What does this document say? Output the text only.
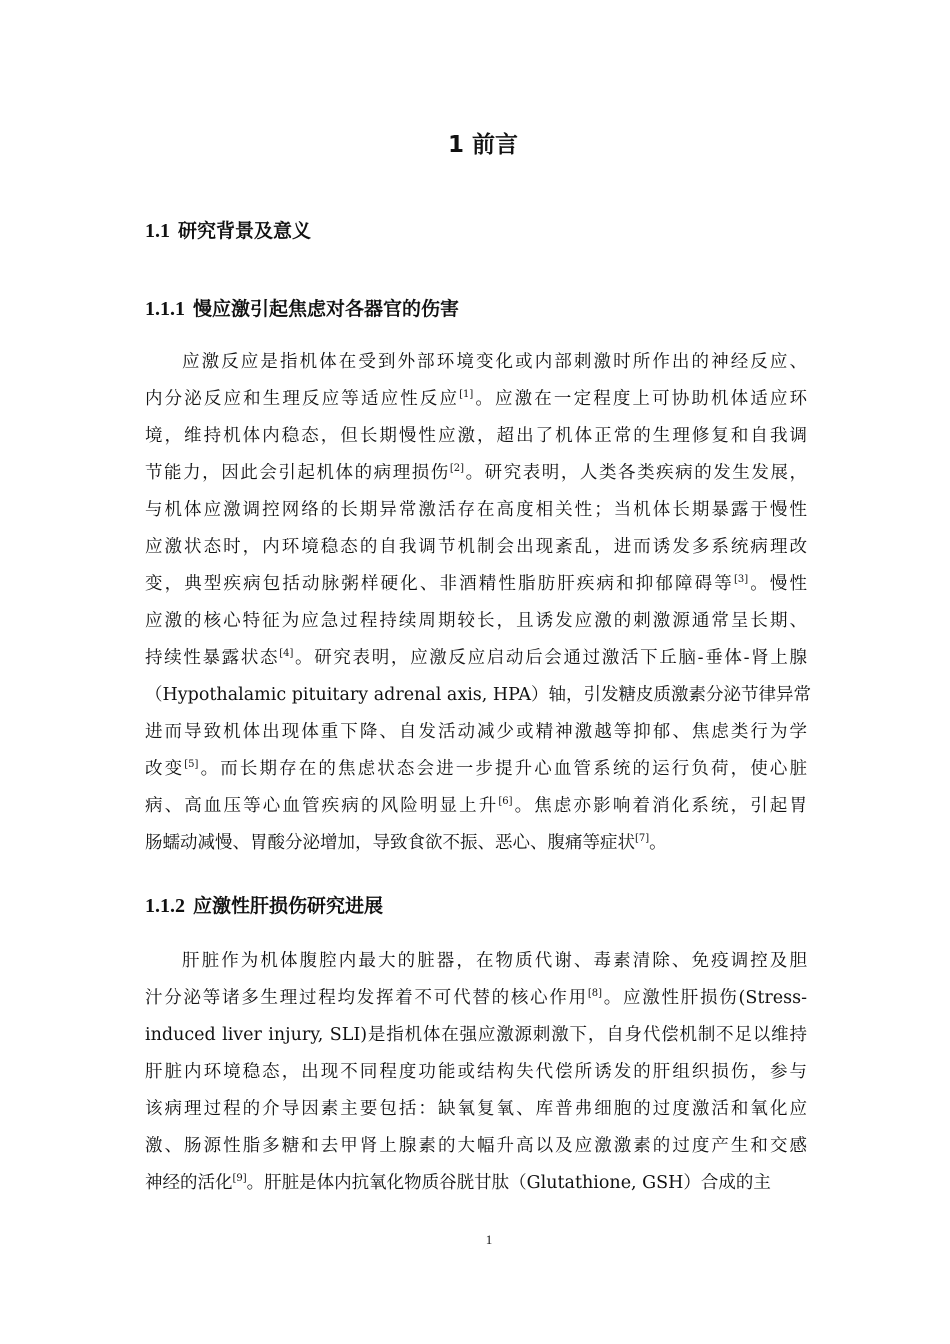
1 前言
1.1 研究背景及意义
1.1.1 慢应激引起焦虑对各器官的伤害
应激反应是指机体在受到外部环境变化或内部刺激时所作出的神经反应、
内分泌反应和生理反应等适应性反应[1]。应激在一定程度上可协助机体适应环
境，维持机体内稳态，但长期慢性应激，超出了机体正常的生理修复和自我调
节能力，因此会引起机体的病理损伤[2]。研究表明，人类各类疾病的发生发展，
与机体应激调控网络的长期异常激活存在高度相关性；当机体长期暴露于慢性
应激状态时，内环境稳态的自我调节机制会出现紊乱，进而诱发多系统病理改
变，典型疾病包括动脉粥样硬化、非酒精性脂肪肝疾病和抑郁障碍等[3]。慢性
应激的核心特征为应急过程持续周期较长，且诱发应激的刺激源通常呈长期、
持续性暴露状态[4]。研究表明，应激反应启动后会通过激活下丘脑-垂体-肾上腺
（Hypothalamic pituitary adrenal axis, HPA）轴，引发糖皮质激素分泌节律异常
进而导致机体出现体重下降、自发活动减少或精神激越等抑郁、焦虑类行为学
改变[5]。而长期存在的焦虑状态会进一步提升心血管系统的运行负荷，使心脏
病、高血压等心血管疾病的风险明显上升[6]。焦虑亦影响着消化系统，引起胃
肠蠕动减慢、胃酸分泌增加，导致食欲不振、恶心、腹痛等症状[7]。
1.1.2 应激性肝损伤研究进展
肝脏作为机体腹腔内最大的脏器，在物质代谢、毒素清除、免疫调控及胆
汁分泌等诸多生理过程均发挥着不可代替的核心作用[8]。应激性肝损伤(Stress-
induced liver injury, SLI)是指机体在强应激源刺激下，自身代偿机制不足以维持
肝脏内环境稳态，出现不同程度功能或结构失代偿所诱发的肝组织损伤，参与
该病理过程的介导因素主要包括：缺氧复氧、库普弗细胞的过度激活和氧化应
激、肠源性脂多糖和去甲肾上腺素的大幅升高以及应激激素的过度产生和交感
神经的活化[9]。肝脏是体内抗氧化物质谷胱甘肽（Glutathione, GSH）合成的主
1
